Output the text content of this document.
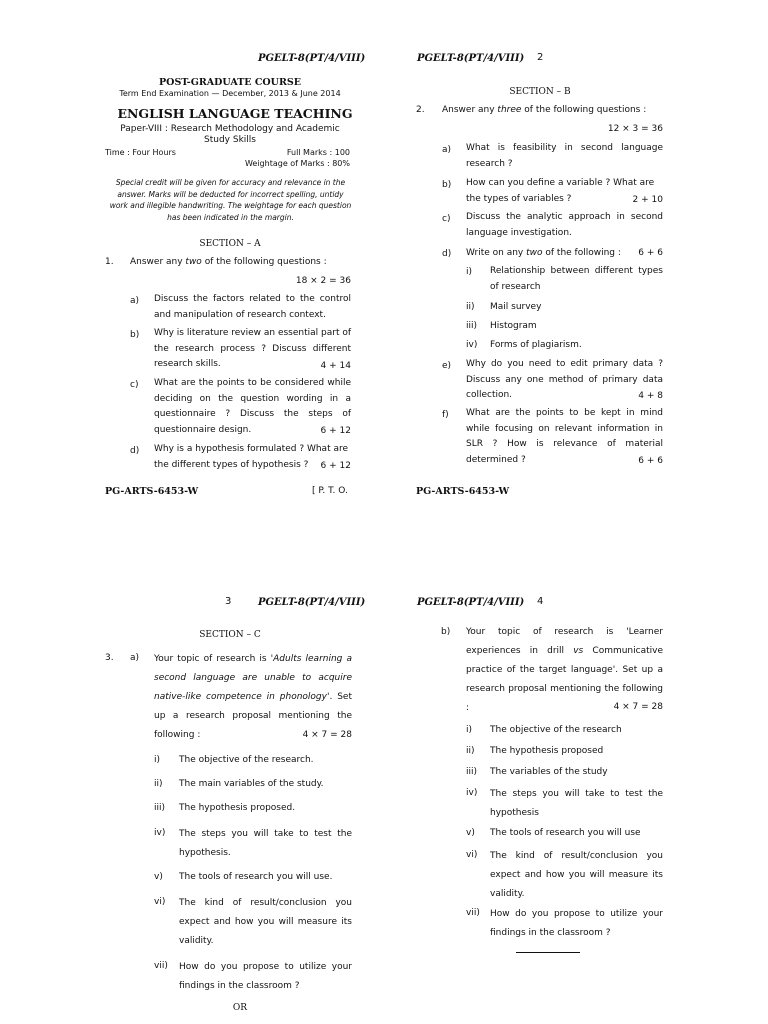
PGELT-8(PT/4/VIII)
POST-GRADUATE COURSE
Term End Examination — December, 2013 & June 2014
ENGLISH LANGUAGE TEACHING
Paper-VIII : Research Methodology and Academic Study Skills
Time : Four Hours	Full Marks : 100
Weightage of Marks : 80%
Special credit will be given for accuracy and relevance in the answer. Marks will be deducted for incorrect spelling, untidy work and illegible handwriting. The weightage for each question has been indicated in the margin.
SECTION – A
1. Answer any two of the following questions :
18 × 2 = 36
a) Discuss the factors related to the control and manipulation of research context.
b) Why is literature review an essential part of the research process ? Discuss different research skills.	4 + 14
c) What are the points to be considered while deciding on the question wording in a questionnaire ? Discuss the steps of questionnaire design.	6 + 12
d) Why is a hypothesis formulated ? What are the different types of hypothesis ?	6 + 12
PG-ARTS-6453-W	[ P. T. O.
PGELT-8(PT/4/VIII) 2
SECTION – B
2. Answer any three of the following questions :
12 × 3 = 36
a) What is feasibility in second language research ?
b) How can you define a variable ? What are the types of variables ?	2 + 10
c) Discuss the analytic approach in second language investigation.
d) Write on any two of the following :	6 + 6
i) Relationship between different types of research
ii) Mail survey
iii) Histogram
iv) Forms of plagiarism.
e) Why do you need to edit primary data ? Discuss any one method of primary data collection.	4 + 8
f) What are the points to be kept in mind while focusing on relevant information in SLR ? How is relevance of material determined ?	6 + 6
PG-ARTS-6453-W
3	PGELT-8(PT/4/VIII)
SECTION – C
3. a) Your topic of research is 'Adults learning a second language are unable to acquire native-like competence in phonology'. Set up a research proposal mentioning the following :	4 × 7 = 28
i) The objective of the research.
ii) The main variables of the study.
iii) The hypothesis proposed.
iv) The steps you will take to test the hypothesis.
v) The tools of research you will use.
vi) The kind of result/conclusion you expect and how you will measure its validity.
vii) How do you propose to utilize your findings in the classroom ?
OR
PGELT-8(PT/4/VIII) 4
b) Your topic of research is 'Learner experiences in drill vs Communicative practice of the target language'. Set up a research proposal mentioning the following :	4 × 7 = 28
i) The objective of the research
ii) The hypothesis proposed
iii) The variables of the study
iv) The steps you will take to test the hypothesis
v) The tools of research you will use
vi) The kind of result/conclusion you expect and how you will measure its validity.
vii) How do you propose to utilize your findings in the classroom ?
